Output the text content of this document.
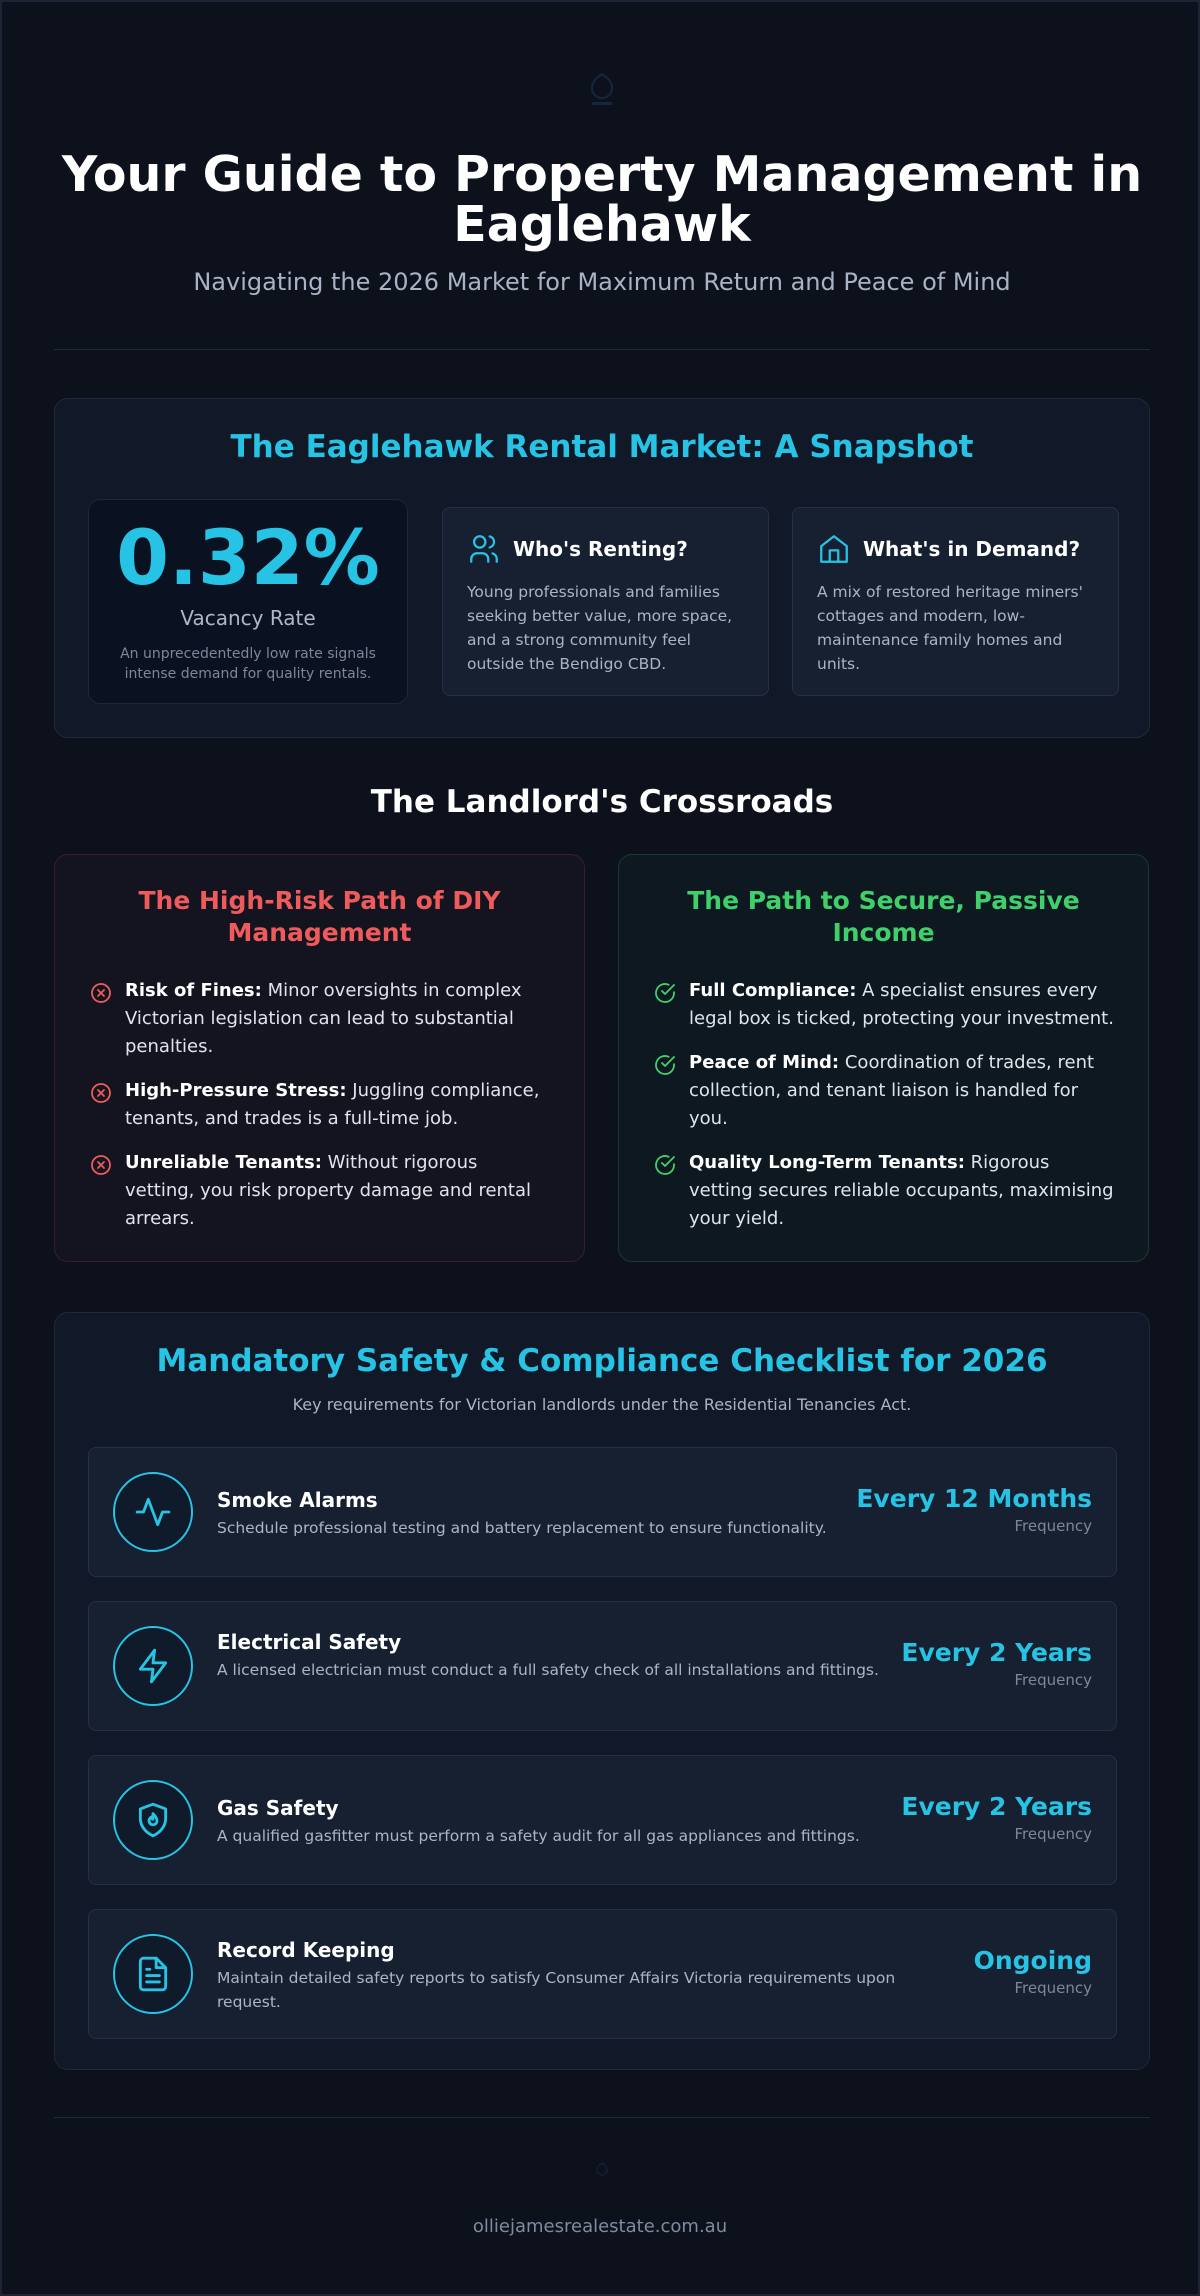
Your Guide to Property Management in Eaglehawk
Navigating the 2026 Market for Maximum Return and Peace of Mind
The Eaglehawk Rental Market: A Snapshot
0.32%
Vacancy Rate
An unprecedentedly low rate signals intense demand for quality rentals.
Who's Renting?
Young professionals and families seeking better value, more space, and a strong community feel outside the Bendigo CBD.
What's in Demand?
A mix of restored heritage miners' cottages and modern, low-maintenance family homes and units.
The Landlord's Crossroads
The High-Risk Path of DIY Management
Risk of Fines: Minor oversights in complex Victorian legislation can lead to substantial penalties.
High-Pressure Stress: Juggling compliance, tenants, and trades is a full-time job.
Unreliable Tenants: Without rigorous vetting, you risk property damage and rental arrears.
The Path to Secure, Passive Income
Full Compliance: A specialist ensures every legal box is ticked, protecting your investment.
Peace of Mind: Coordination of trades, rent collection, and tenant liaison is handled for you.
Quality Long-Term Tenants: Rigorous vetting secures reliable occupants, maximising your yield.
Mandatory Safety & Compliance Checklist for 2026
Key requirements for Victorian landlords under the Residential Tenancies Act.
Smoke Alarms
Schedule professional testing and battery replacement to ensure functionality.
Every 12 Months
Frequency
Electrical Safety
A licensed electrician must conduct a full safety check of all installations and fittings.
Every 2 Years
Frequency
Gas Safety
A qualified gasfitter must perform a safety audit for all gas appliances and fittings.
Every 2 Years
Frequency
Record Keeping
Maintain detailed safety reports to satisfy Consumer Affairs Victoria requirements upon request.
Ongoing
Frequency
olliejamesrealestate.com.au
